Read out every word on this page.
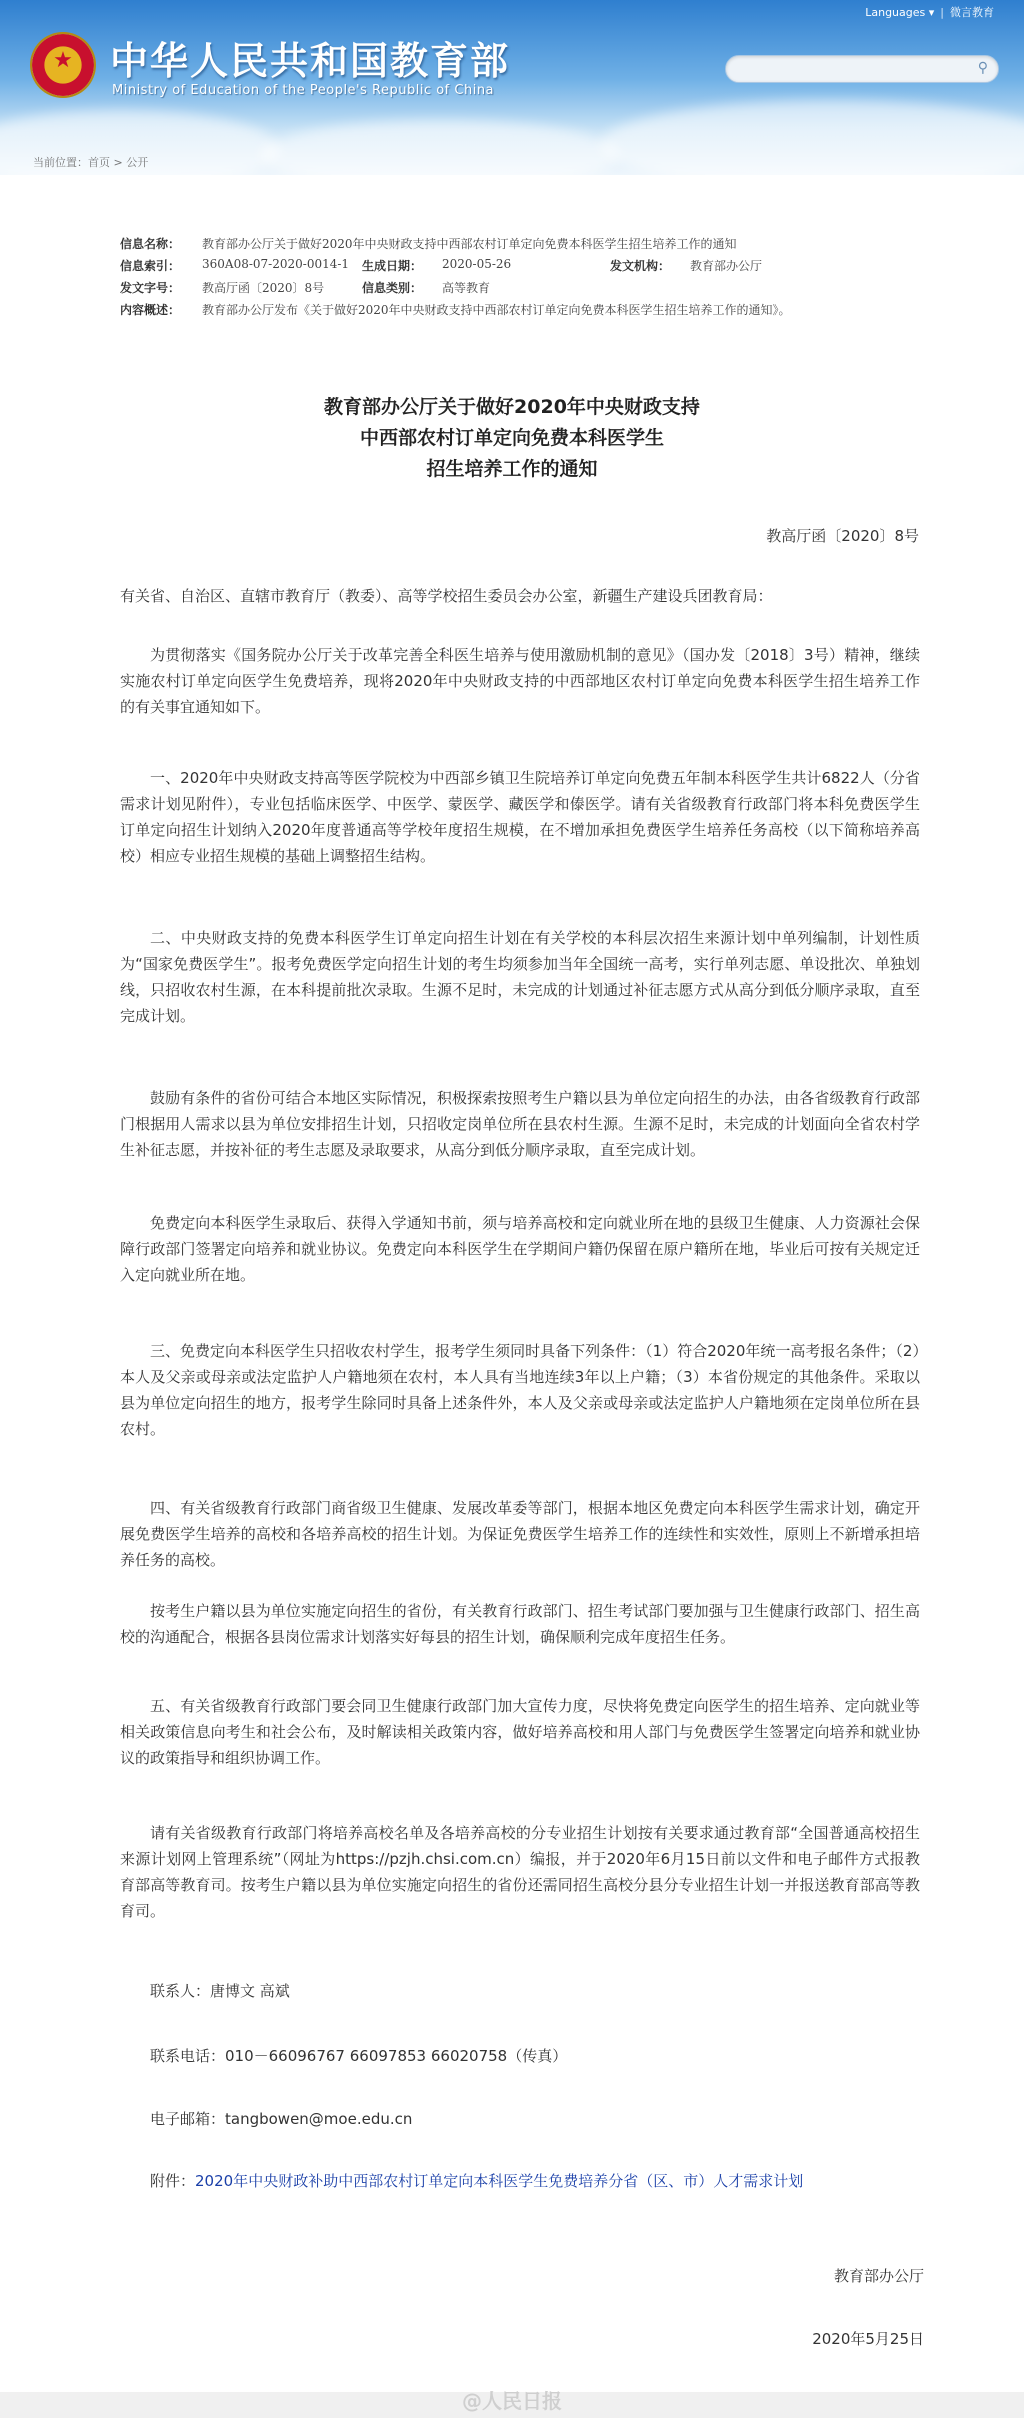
★ 中华人民共和国教育部
Ministry of Education of the People's Republic of China
Languages ▾ | 微言教育
⚲
当前位置：首页 > 公开
信息名称： 教育部办公厅关于做好2020年中央财政支持中西部农村订单定向免费本科医学生招生培养工作的通知
信息索引： 360A08-07-2020-0014-1 生成日期： 2020-05-26	发文机构： 教育部办公厅
发文字号： 教高厅函〔2020〕8号	信息类别： 高等教育
内容概述： 教育部办公厅发布《关于做好2020年中央财政支持中西部农村订单定向免费本科医学生招生培养工作的通知》。
教育部办公厅关于做好2020年中央财政支持
中西部农村订单定向免费本科医学生
招生培养工作的通知
教高厅函〔2020〕8号
有关省、自治区、直辖市教育厅（教委）、高等学校招生委员会办公室，新疆生产建设兵团教育局：
为贯彻落实《国务院办公厅关于改革完善全科医生培养与使用激励机制的意见》（国办发〔2018〕3号）精神，继续实施农村订单定向医学生免费培养，现将2020年中央财政支持的中西部地区农村订单定向免费本科医学生招生培养工作的有关事宜通知如下。
一、2020年中央财政支持高等医学院校为中西部乡镇卫生院培养订单定向免费五年制本科医学生共计6822人（分省需求计划见附件），专业包括临床医学、中医学、蒙医学、藏医学和傣医学。请有关省级教育行政部门将本科免费医学生订单定向招生计划纳入2020年度普通高等学校年度招生规模，在不增加承担免费医学生培养任务高校（以下简称培养高校）相应专业招生规模的基础上调整招生结构。
二、中央财政支持的免费本科医学生订单定向招生计划在有关学校的本科层次招生来源计划中单列编制，计划性质为“国家免费医学生”。报考免费医学定向招生计划的考生均须参加当年全国统一高考，实行单列志愿、单设批次、单独划线，只招收农村生源，在本科提前批次录取。生源不足时，未完成的计划通过补征志愿方式从高分到低分顺序录取，直至完成计划。
鼓励有条件的省份可结合本地区实际情况，积极探索按照考生户籍以县为单位定向招生的办法，由各省级教育行政部门根据用人需求以县为单位安排招生计划，只招收定岗单位所在县农村生源。生源不足时，未完成的计划面向全省农村学生补征志愿，并按补征的考生志愿及录取要求，从高分到低分顺序录取，直至完成计划。
免费定向本科医学生录取后、获得入学通知书前，须与培养高校和定向就业所在地的县级卫生健康、人力资源社会保障行政部门签署定向培养和就业协议。免费定向本科医学生在学期间户籍仍保留在原户籍所在地，毕业后可按有关规定迁入定向就业所在地。
三、免费定向本科医学生只招收农村学生，报考学生须同时具备下列条件：（1）符合2020年统一高考报名条件；（2）本人及父亲或母亲或法定监护人户籍地须在农村，本人具有当地连续3年以上户籍；（3）本省份规定的其他条件。采取以县为单位定向招生的地方，报考学生除同时具备上述条件外，本人及父亲或母亲或法定监护人户籍地须在定岗单位所在县农村。
四、有关省级教育行政部门商省级卫生健康、发展改革委等部门，根据本地区免费定向本科医学生需求计划，确定开展免费医学生培养的高校和各培养高校的招生计划。为保证免费医学生培养工作的连续性和实效性，原则上不新增承担培养任务的高校。
按考生户籍以县为单位实施定向招生的省份，有关教育行政部门、招生考试部门要加强与卫生健康行政部门、招生高校的沟通配合，根据各县岗位需求计划落实好每县的招生计划，确保顺利完成年度招生任务。
五、有关省级教育行政部门要会同卫生健康行政部门加大宣传力度，尽快将免费定向医学生的招生培养、定向就业等相关政策信息向考生和社会公布，及时解读相关政策内容，做好培养高校和用人部门与免费医学生签署定向培养和就业协议的政策指导和组织协调工作。
请有关省级教育行政部门将培养高校名单及各培养高校的分专业招生计划按有关要求通过教育部“全国普通高校招生来源计划网上管理系统”（网址为https://pzjh.chsi.com.cn）编报，并于2020年6月15日前以文件和电子邮件方式报教育部高等教育司。按考生户籍以县为单位实施定向招生的省份还需同招生高校分县分专业招生计划一并报送教育部高等教育司。
联系人：唐博文 高斌
联系电话：010－66096767 66097853 66020758（传真）
电子邮箱：tangbowen@moe.edu.cn
附件：2020年中央财政补助中西部农村订单定向本科医学生免费培养分省（区、市）人才需求计划
教育部办公厅
2020年5月25日
@人民日报
